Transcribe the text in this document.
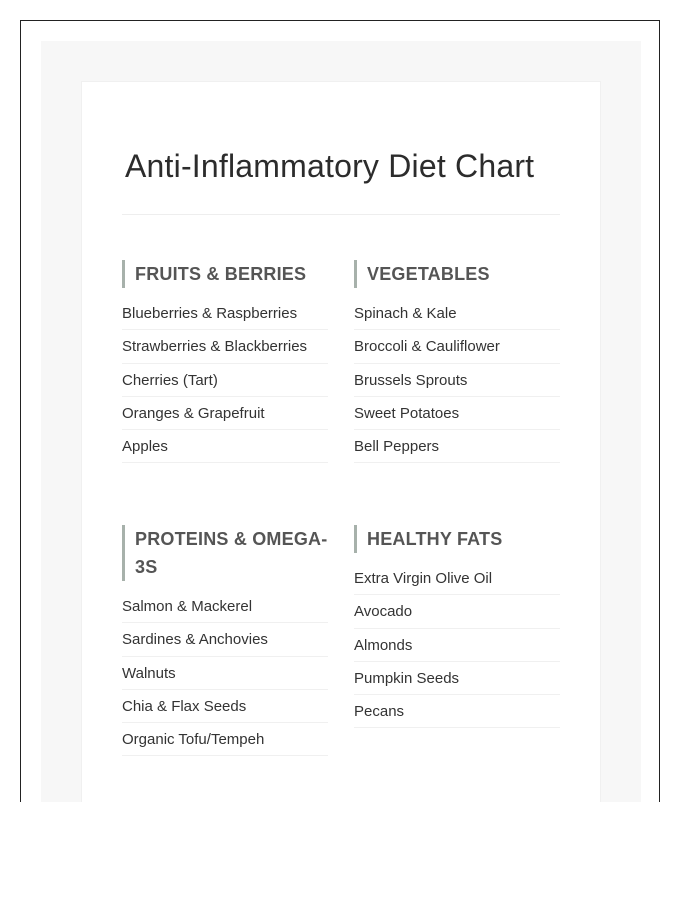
Anti-Inflammatory Diet Chart
FRUITS & BERRIES
Blueberries & Raspberries
Strawberries & Blackberries
Cherries (Tart)
Oranges & Grapefruit
Apples
VEGETABLES
Spinach & Kale
Broccoli & Cauliflower
Brussels Sprouts
Sweet Potatoes
Bell Peppers
PROTEINS & OMEGA-3S
Salmon & Mackerel
Sardines & Anchovies
Walnuts
Chia & Flax Seeds
Organic Tofu/Tempeh
HEALTHY FATS
Extra Virgin Olive Oil
Avocado
Almonds
Pumpkin Seeds
Pecans
